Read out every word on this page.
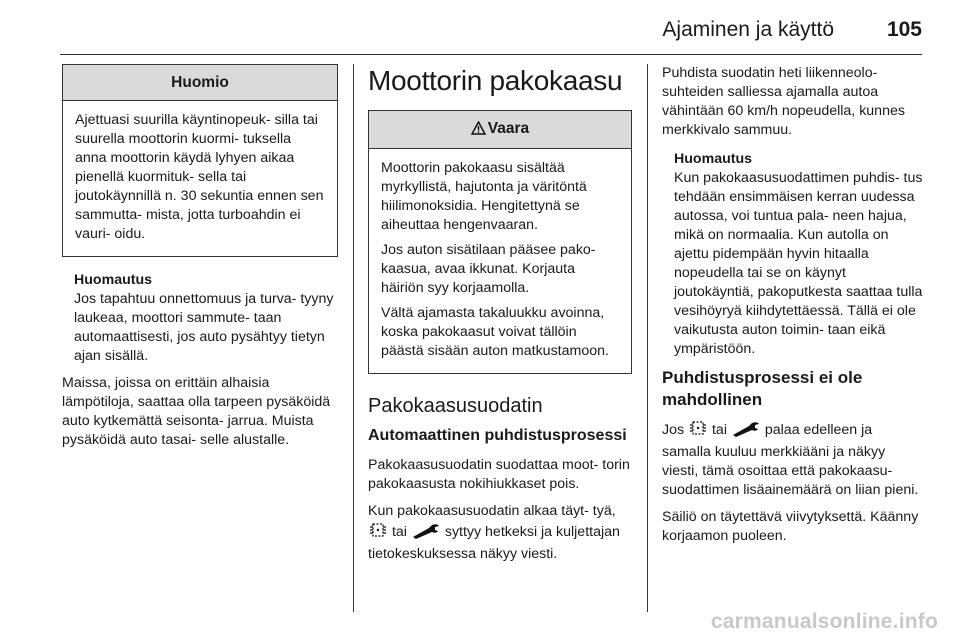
Ajaminen ja käyttö	105
Huomio

Ajettuasi suurilla käyntinopeuk- silla tai suurella moottorin kuormi- tuksella anna moottorin käydä lyhyen aikaa pienellä kuormituk- sella tai joutokäynnillä n. 30 sekuntia ennen sen sammutta- mista, jotta turboahdin ei vauri- oidu.

Huomautus
Jos tapahtuu onnettomuus ja turva- tyyny laukeaa, moottori sammute- taan automaattisesti, jos auto pysähtyy tietyn ajan sisällä.

Maissa, joissa on erittäin alhaisia lämpötiloja, saattaa olla tarpeen pysäköidä auto kytkemättä seisonta- jarrua. Muista pysäköidä auto tasai- selle alustalle.

Moottorin pakokaasu
Vaara

Moottorin pakokaasu sisältää myrkyllistä, hajutonta ja väritöntä hiilimonoksidia. Hengitettynä se aiheuttaa hengenvaaran.

Jos auton sisätilaan pääsee pako- kaasua, avaa ikkunat. Korjauta häiriön syy korjaamolla.

Vältä ajamasta takaluukku avoinna, koska pakokaasut voivat tällöin päästä sisään auton matkustamoon.

Pakokaasusuodatin
Automaattinen puhdistusprosessi

Pakokaasusuodatin suodattaa moot- torin pakokaasusta nokihiukkaset pois.

Kun pakokaasusuodatin alkaa täyt- tyä,  tai	syttyy hetkeksi ja kuljettajan tietokeskuksessa näkyy viesti.

Puhdista suodatin heti liikenneolo- suhteiden salliessa ajamalla autoa vähintään 60 km/h nopeudella, kunnes merkkivalo sammuu.

Huomautus
Kun pakokaasusuodattimen puhdis- tus tehdään ensimmäisen kerran uudessa autossa, voi tuntua pala- neen hajua, mikä on normaalia. Kun autolla on ajettu pidempään hyvin hitaalla nopeudella tai se on käynyt joutokäyntiä, pakoputkesta saattaa tulla vesihöyryä kiihdytettäessä. Tällä ei ole vaikutusta auton toimin- taan eikä ympäristöön.
Puhdistusprosessi ei ole mahdollinen

Jos tai	palaa edelleen ja samalla kuuluu merkkiääni ja näkyy viesti, tämä osoittaa että pakokaasu- suodattimen lisäainemäärä on liian pieni.

Säiliö on täytettävä viivytyksettä. Käänny korjaamon puoleen.

carmanualsonline.info
